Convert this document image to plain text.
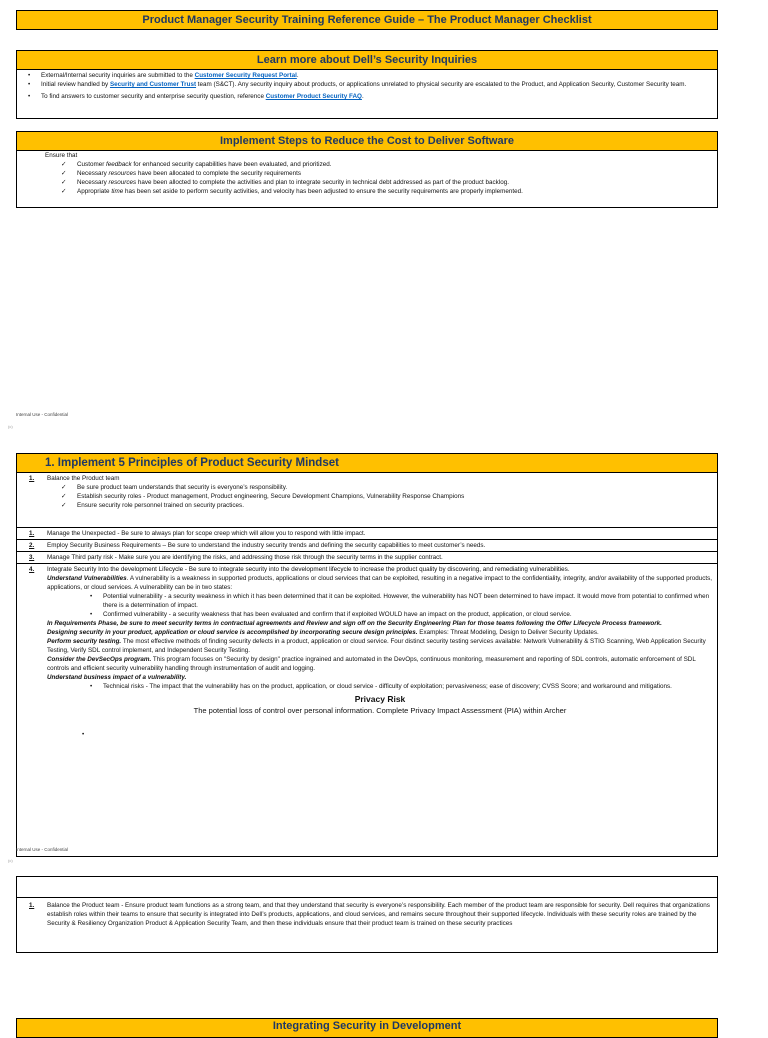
Product Manager Security Training Reference Guide – The Product Manager Checklist
Learn more about Dell’s Security Inquiries
• External/Internal security inquiries are submitted to the Customer Security Request Portal.
• Initial review handled by Security and Customer Trust team (S&CT). Any security inquiry about products, or applications unrelated to physical security are escalated to the Product, and Application Security, Customer Security team.
• To find answers to customer security and enterprise security question, reference Customer Product Security FAQ.
Implement Steps to Reduce the Cost to Deliver Software
Ensure that
✓ Customer feedback for enhanced security capabilities have been evaluated, and prioritized.
✓ Necessary resources have been allocated to complete the security requirements
✓ Necessary resources have been allocted to complete the activities and plan to integrate security in technical debt addressed as part of the product backlog.
✓ Appropriate time has been set aside to perform security activities, and velocity has been adjusted to ensure the security requirements are properly implemented.
Internal Use - Confidential
(c)
1. Implement 5 Principles of Product Security Mindset
1. Balance the Product team
✓ Be sure product team understands that security is everyone’s responsibility.
✓ Establish security roles - Product management, Product engineering, Secure Development Champions, Vulnerability Response Champions
✓ Ensure security role personnel trained on security practices.
1. Manage the Unexpected - Be sure to always plan for scope creep which will allow you to respond with little impact.
2. Employ Security Business Requirements – Be sure to understand the industry security trends and defining the security capabilities to meet customer’s needs.
3. Manage Third party risk - Make sure you are identifying the risks, and addressing those risk through the security terms in the supplier contract.
4. Integrate Security Into the development Lifecycle - Be sure to integrate security into the development lifecycle to increase the product quality by discovering, and remediating vulnerabilities.
Understand Vulnerabilities. A vulnerability is a weakness in supported products, applications or cloud services that can be exploited, resulting in a negative impact to the confidentiality, integrity, and/or availability of the supported products, applications, or cloud services. A vulnerability can be in two states:
• Potential vulnerability - a security weakness in which it has been determined that it can be exploited. However, the vulnerability has NOT been determined to have impact. It would move from potential to confirmed when there is a determination of impact.
• Confirmed vulnerability - a security weakness that has been evaluated and confirm that if exploited WOULD have an impact on the product, application, or cloud service.
In Requirements Phase, be sure to meet security terms in contractual agreements and Review and sign off on the Security Engineering Plan for those teams following the Offer Lifecycle Process framework.
Designing security in your product, application or cloud service is accomplished by incorporating secure design principles. Examples: Threat Modeling, Design to Deliver Security Updates.
Perform security testing. The most effective methods of finding security defects in a product, application or cloud service. Four distinct security testing services available: Network Vulnerability & STIG Scanning, Web Application Security Testing, Verify SDL control implement, and Independent Security Testing.
Consider the DevSecOps program. This program focuses on "Security by design" practice ingrained and automated in the DevOps, continuous monitoring, measurement and reporting of SDL controls, automatic enforcement of SDL controls and efficient security vulnerability handling through instrumentation of audit and logging.
Understand business impact of a vulnerability.
• Technical risks - The impact that the vulnerability has on the product, application, or cloud service - difficulty of exploitation; pervasiveness; ease of discovery; CVSS Score; and workaround and mitigations.
Privacy Risk
The potential loss of control over personal information. Complete Privacy Impact Assessment (PIA) within Archer
•
Internal Use - Confidential
(c)
1. Balance the Product team - Ensure product team functions as a strong team, and that they understand that security is everyone’s responsibility. Each member of the product team are responsible for security. Dell requires that organizations establish roles within their teams to ensure that security is integrated into Dell’s products, applications, and cloud services, and remains secure throughout their supported lifecycle. Individuals with these security roles are trained by the Security & Resiliency Organization Product & Application Security Team, and then these individuals ensure that their product team is trained on these security practices
Integrating Security in Development
